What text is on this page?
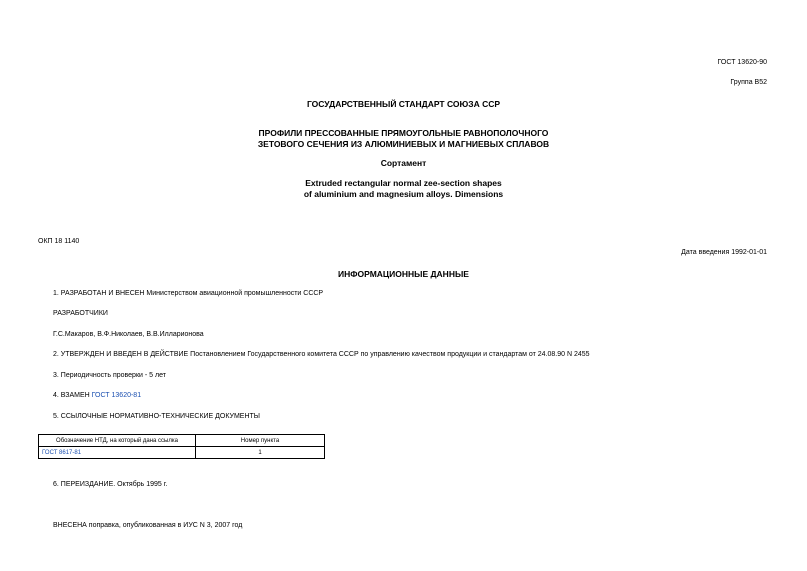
ГОСТ 13620-90
Группа В52
ГОСУДАРСТВЕННЫЙ СТАНДАРТ СОЮЗА ССР
ПРОФИЛИ ПРЕССОВАННЫЕ ПРЯМОУГОЛЬНЫЕ РАВНОПОЛОЧНОГО
ЗЕТОВОГО СЕЧЕНИЯ ИЗ АЛЮМИНИЕВЫХ И МАГНИЕВЫХ СПЛАВОВ
Сортамент
Extruded rectangular normal zee-section shapes
of aluminium and magnesium alloys. Dimensions
ОКП 18 1140
Дата введения 1992-01-01
ИНФОРМАЦИОННЫЕ ДАННЫЕ
1. РАЗРАБОТАН И ВНЕСЕН Министерством авиационной промышленности СССР
РАЗРАБОТЧИКИ
Г.С.Макаров, В.Ф.Николаев, В.В.Илларионова
2. УТВЕРЖДЕН И ВВЕДЕН В ДЕЙСТВИЕ Постановлением Государственного комитета СССР по управлению качеством продукции и стандартам от 24.08.90 N 2455
3. Периодичность проверки - 5 лет
4. ВЗАМЕН ГОСТ 13620-81
5. ССЫЛОЧНЫЕ НОРМАТИВНО-ТЕХНИЧЕСКИЕ ДОКУМЕНТЫ
Обозначение НТД, на который дана ссылка	Номер пункта
ГОСТ 8617-81	1
6. ПЕРЕИЗДАНИЕ. Октябрь 1995 г.
ВНЕСЕНА поправка, опубликованная в ИУС N 3, 2007 год
